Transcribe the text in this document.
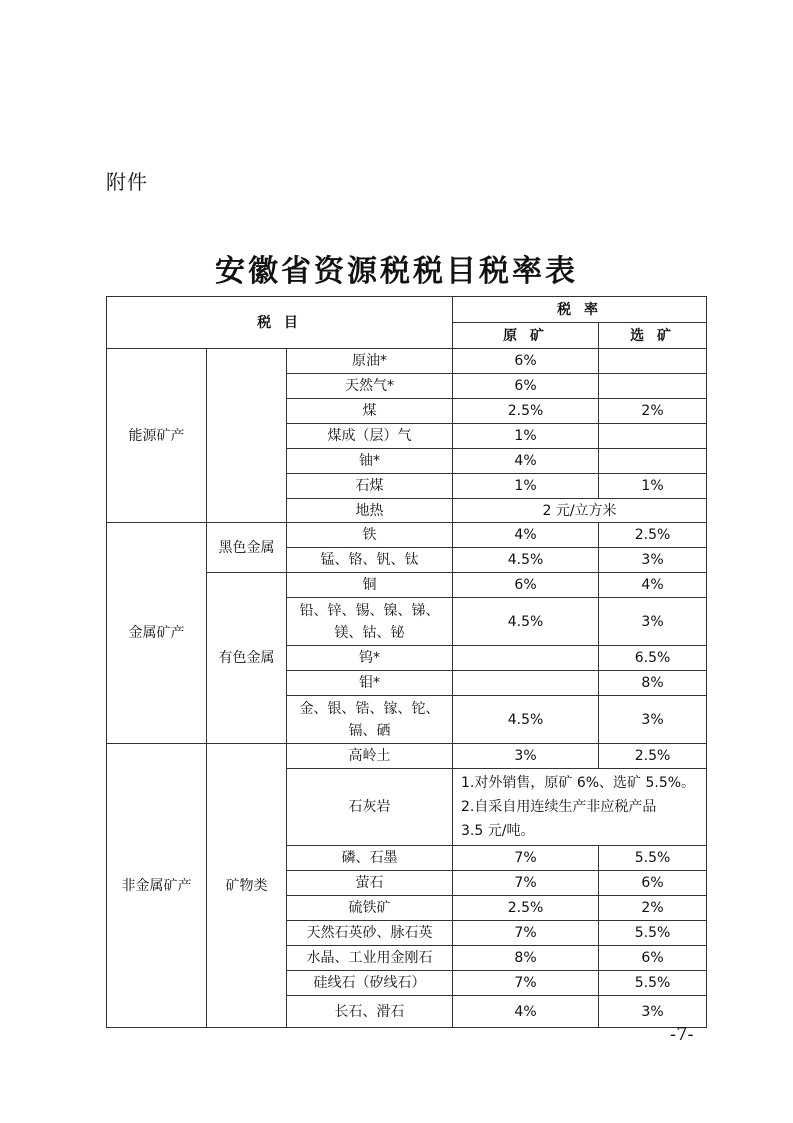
附件
安徽省资源税税目税率表
税 目			税 率	
			原 矿	选 矿
能源矿产		原油*	6%	
		天然气*	6%	
		煤	2.5%	2%
		煤成（层）气	1%	
		铀*	4%	
		石煤	1%	1%
		地热	2 元/立方米	
金属矿产	黑色金属	铁	4%	2.5%
		锰、铬、钒、钛	4.5%	3%
	有色金属	铜	6%	4%

		铅、锌、锡、镍、锑、
镁、钴、铋	4.5%	3%
		钨*		6.5%
		钼*		8%

		金、银、锆、镓、铊、
镉、硒	4.5%	3%
非金属矿产	矿物类	高岭土	3%	2.5%
		石灰岩	1.对外销售，原矿 6%、选矿 5.5%。
2.自采自用连续生产非应税产品
3.5 元/吨。	

		磷、石墨	7%	5.5%
		萤石	7%	6%
		硫铁矿	2.5%	2%
		天然石英砂、脉石英	7%	5.5%
		水晶、工业用金刚石	8%	6%
		硅线石（矽线石）	7%	5.5%
		长石、滑石	4%	3%
-7-
